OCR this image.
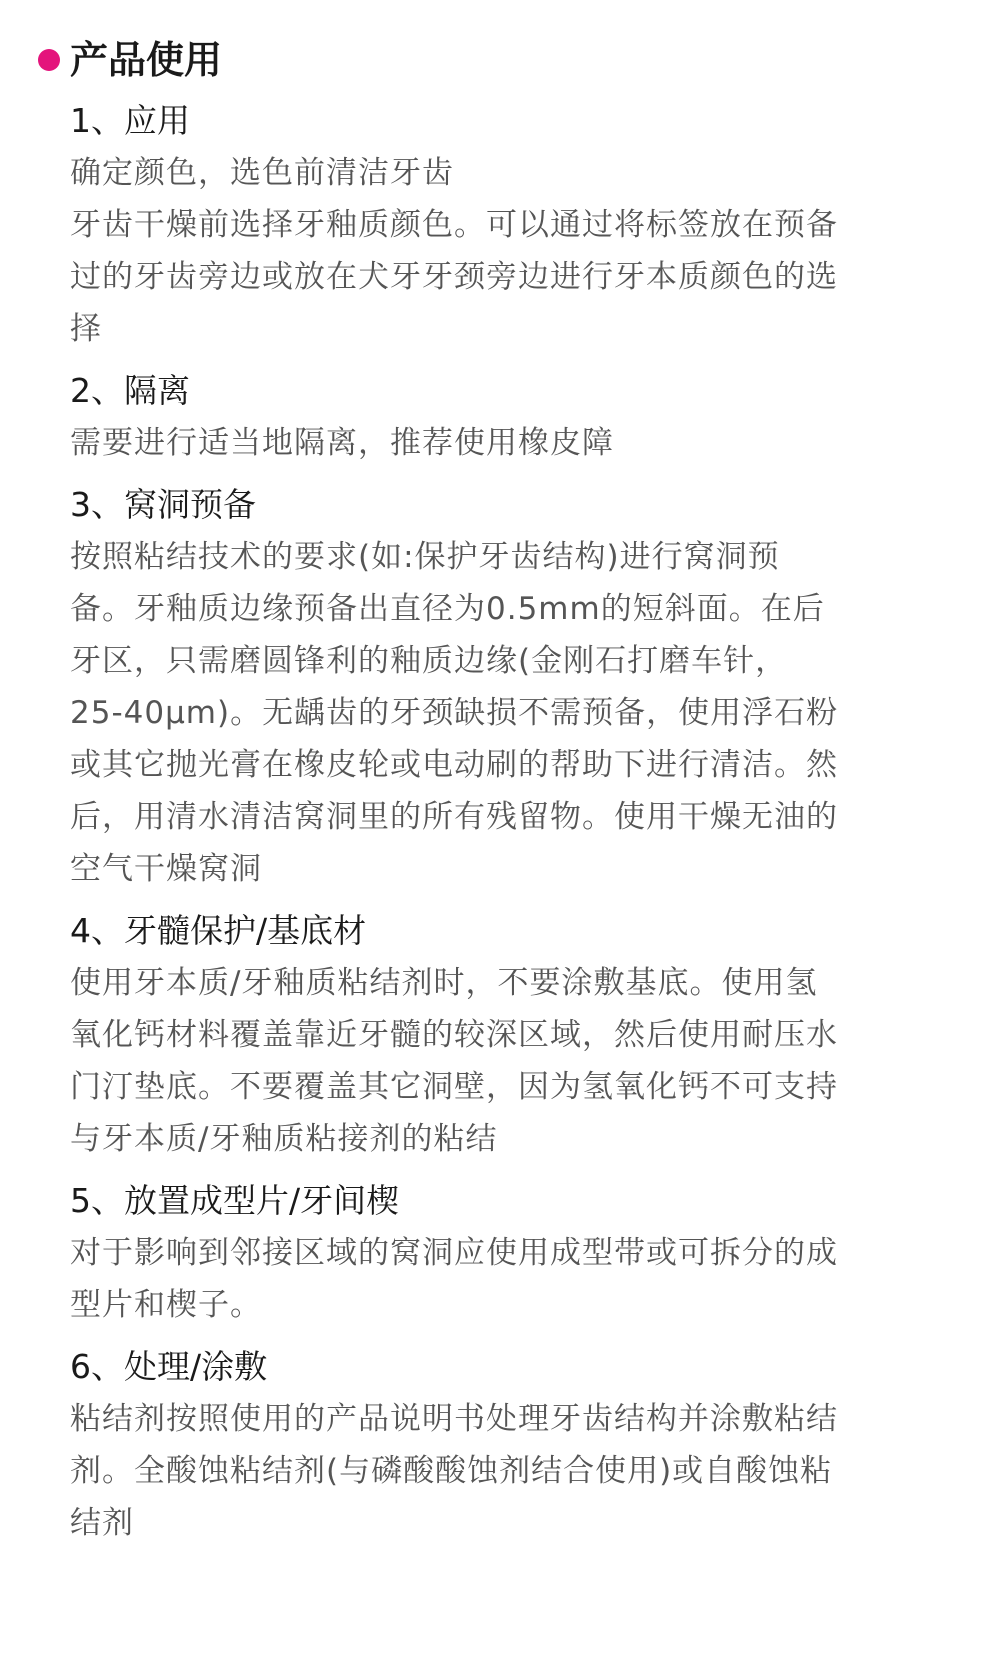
产品使用
1、应用
确定颜色，选色前清洁牙齿
牙齿干燥前选择牙釉质颜色。可以通过将标签放在预备
过的牙齿旁边或放在犬牙牙颈旁边进行牙本质颜色的选
择
2、隔离
需要进行适当地隔离，推荐使用橡皮障
3、窝洞预备
按照粘结技术的要求(如:保护牙齿结构)进行窝洞预
备。牙釉质边缘预备出直径为0.5mm的短斜面。在后
牙区，只需磨圆锋利的釉质边缘(金刚石打磨车针，
25-40μm)。无龋齿的牙颈缺损不需预备，使用浮石粉
或其它抛光膏在橡皮轮或电动刷的帮助下进行清洁。然
后，用清水清洁窝洞里的所有残留物。使用干燥无油的
空气干燥窝洞
4、牙髓保护/基底材
使用牙本质/牙釉质粘结剂时，不要涂敷基底。使用氢
氧化钙材料覆盖靠近牙髓的较深区域，然后使用耐压水
门汀垫底。不要覆盖其它洞壁，因为氢氧化钙不可支持
与牙本质/牙釉质粘接剂的粘结
5、放置成型片/牙间楔
对于影响到邻接区域的窝洞应使用成型带或可拆分的成
型片和楔子。
6、处理/涂敷
粘结剂按照使用的产品说明书处理牙齿结构并涂敷粘结
剂。全酸蚀粘结剂(与磷酸酸蚀剂结合使用)或自酸蚀粘
结剂
